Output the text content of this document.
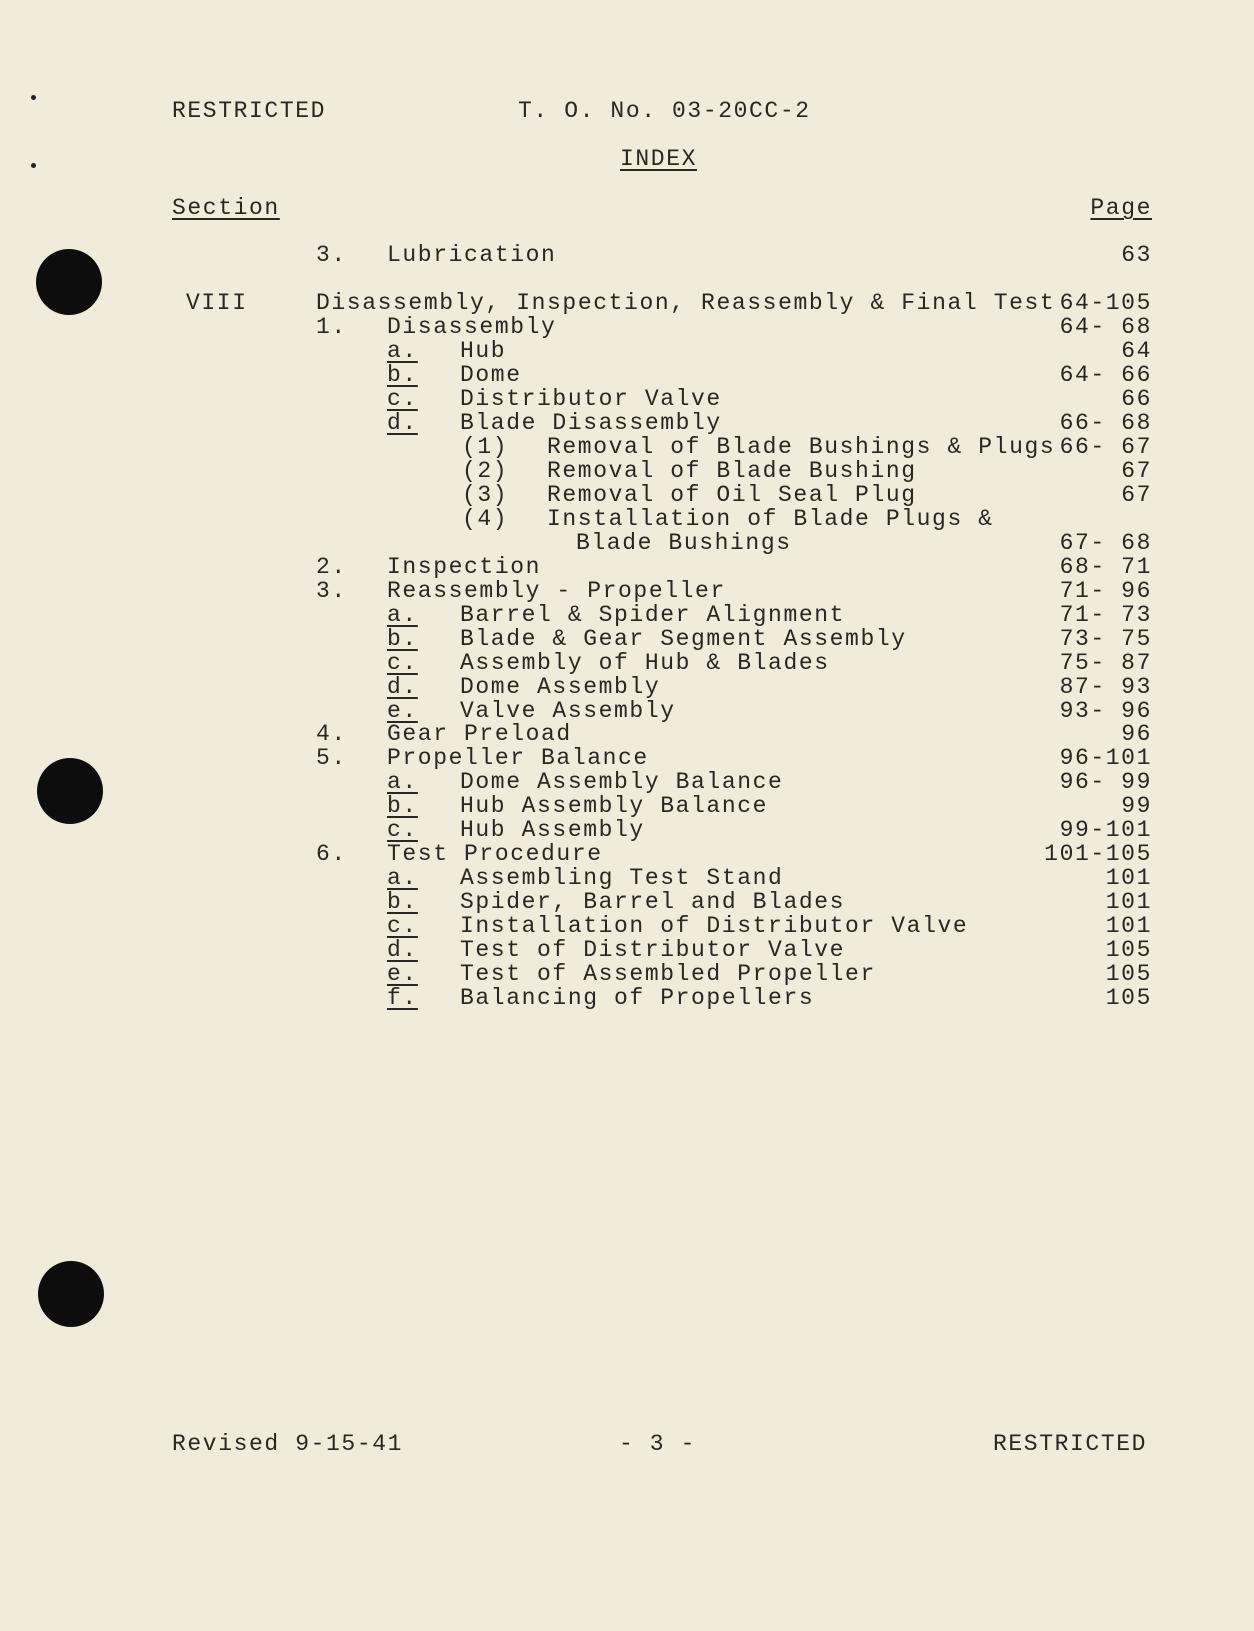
RESTRICTED	T. O. No. 03-20CC-2
INDEX
Section	Page
3. Lubrication	63
VIII	Disassembly, Inspection, Reassembly & Final Test 64-105
1. Disassembly	64- 68
a. Hub	64
b. Dome	64- 66
c. Distributor Valve	66
d. Blade Disassembly	66- 68
(1) Removal of Blade Bushings & Plugs 66- 67
(2) Removal of Blade Bushing	67
(3) Removal of Oil Seal Plug	67
(4) Installation of Blade Plugs &
Blade Bushings	67- 68
2. Inspection	68- 71
3. Reassembly - Propeller	71- 96
a. Barrel & Spider Alignment	71- 73
b. Blade & Gear Segment Assembly	73- 75
c. Assembly of Hub & Blades	75- 87
d. Dome Assembly	87- 93
e. Valve Assembly	93- 96
4. Gear Preload	96
5. Propeller Balance	96-101
a. Dome Assembly Balance	96- 99
b. Hub Assembly Balance	99
c. Hub Assembly	99-101
6. Test Procedure	101-105
a. Assembling Test Stand	101
b. Spider, Barrel and Blades	101
c. Installation of Distributor Valve	101
d. Test of Distributor Valve	105
e. Test of Assembled Propeller	105
f. Balancing of Propellers	105
Revised 9-15-41	- 3 -	RESTRICTED
